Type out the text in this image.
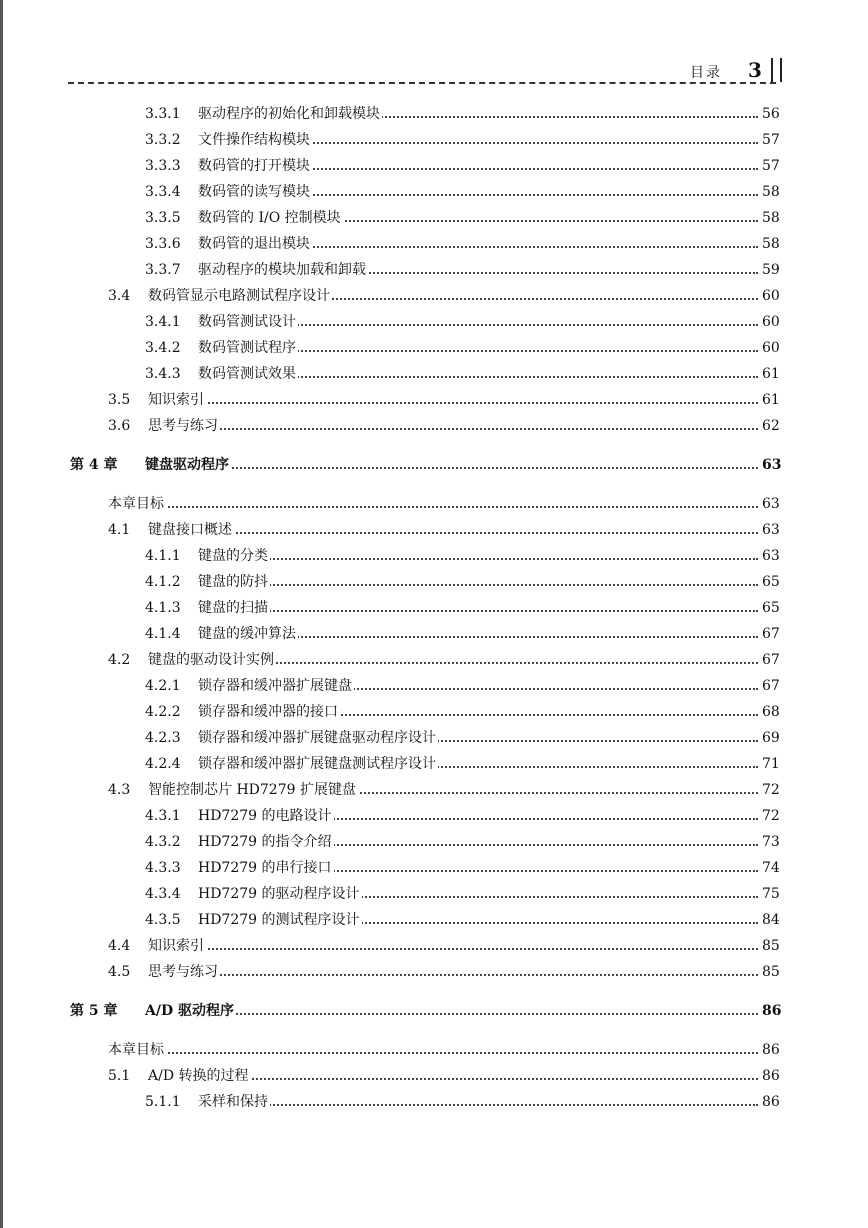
目录 3
3.3.1 驱动程序的初始化和卸载模块	56
3.3.2 文件操作结构模块	57
3.3.3 数码管的打开模块	57
3.3.4 数码管的读写模块	58
3.3.5 数码管的 I/O 控制模块	58
3.3.6 数码管的退出模块	58
3.3.7 驱动程序的模块加载和卸载	59
3.4 数码管显示电路测试程序设计	60
3.4.1 数码管测试设计	60
3.4.2 数码管测试程序	60
3.4.3 数码管测试效果	61
3.5 知识索引	61
3.6 思考与练习	62
第 4 章 键盘驱动程序	63
本章目标	63
4.1 键盘接口概述	63
4.1.1 键盘的分类	63
4.1.2 键盘的防抖	65
4.1.3 键盘的扫描	65
4.1.4 键盘的缓冲算法	67
4.2 键盘的驱动设计实例	67
4.2.1 锁存器和缓冲器扩展键盘	67
4.2.2 锁存器和缓冲器的接口	68
4.2.3 锁存器和缓冲器扩展键盘驱动程序设计	69
4.2.4 锁存器和缓冲器扩展键盘测试程序设计	71
4.3 智能控制芯片 HD7279 扩展键盘	72
4.3.1 HD7279 的电路设计	72
4.3.2 HD7279 的指令介绍	73
4.3.3 HD7279 的串行接口	74
4.3.4 HD7279 的驱动程序设计	75
4.3.5 HD7279 的测试程序设计	84
4.4 知识索引	85
4.5 思考与练习	85
第 5 章 A/D 驱动程序	86
本章目标	86
5.1 A/D 转换的过程	86
5.1.1 采样和保持	86
